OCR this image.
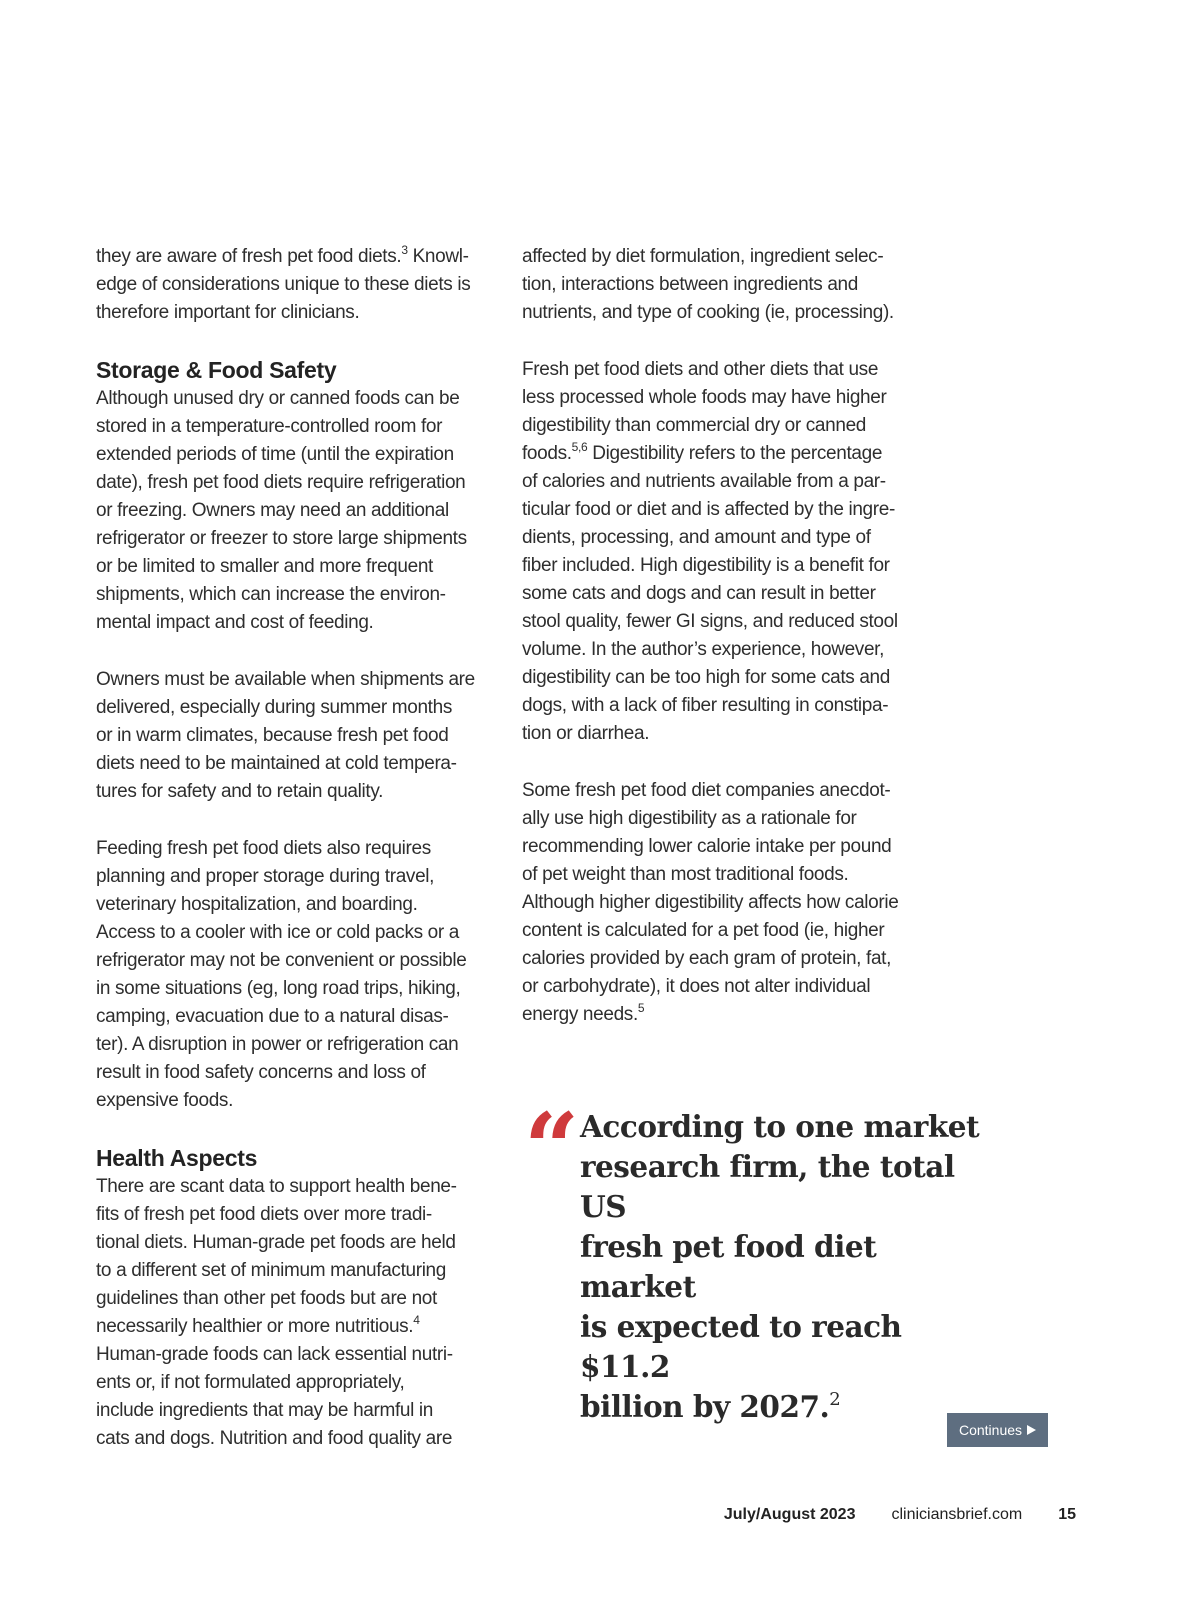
they are aware of fresh pet food diets.$^3$ Knowl-
edge of considerations unique to these diets is
therefore important for clinicians.

Storage & Food Safety

Although unused dry or canned foods can be
stored in a temperature-controlled room for
extended periods of time (until the expiration
date), fresh pet food diets require refrigeration
or freezing. Owners may need an additional
refrigerator or freezer to store large shipments
or be limited to smaller and more frequent
shipments, which can increase the environ-
mental impact and cost of feeding.

Owners must be available when shipments are
delivered, especially during summer months
or in warm climates, because fresh pet food
diets need to be maintained at cold tempera-
tures for safety and to retain quality.

Feeding fresh pet food diets also requires
planning and proper storage during travel,
veterinary hospitalization, and boarding.
Access to a cooler with ice or cold packs or a
refrigerator may not be convenient or possible
in some situations (eg, long road trips, hiking,
camping, evacuation due to a natural disas-
ter). A disruption in power or refrigeration can
result in food safety concerns and loss of
expensive foods.

Health Aspects

There are scant data to support health bene-
fits of fresh pet food diets over more tradi-
tional diets. Human-grade pet foods are held
to a different set of minimum manufacturing
guidelines than other pet foods but are not
necessarily healthier or more nutritious.$^4$
Human-grade foods can lack essential nutri-
ents or, if not formulated appropriately,
include ingredients that may be harmful in
cats and dogs. Nutrition and food quality are

affected by diet formulation, ingredient selec-
tion, interactions between ingredients and
nutrients, and type of cooking (ie, processing).

Fresh pet food diets and other diets that use
less processed whole foods may have higher
digestibility than commercial dry or canned
foods.$^{5,6}$ Digestibility refers to the percentage
of calories and nutrients available from a par-
ticular food or diet and is affected by the ingre-
dients, processing, and amount and type of
fiber included. High digestibility is a benefit for
some cats and dogs and can result in better
stool quality, fewer GI signs, and reduced stool
volume. In the author’s experience, however,
digestibility can be too high for some cats and
dogs, with a lack of fiber resulting in constipa-
tion or diarrhea.

Some fresh pet food diet companies anecdot-
ally use high digestibility as a rationale for
recommending lower calorie intake per pound
of pet weight than most traditional foods.
Although higher digestibility affects how calorie
content is calculated for a pet food (ie, higher
calories provided by each gram of protein, fat,
or carbohydrate), it does not alter individual
energy needs.$^5$

“ According to one market
research firm, the total US
fresh pet food diet market
is expected to reach $11.2
billion by 2027.$^2$

Continues
July/August 2023 cliniciansbrief.com 15
